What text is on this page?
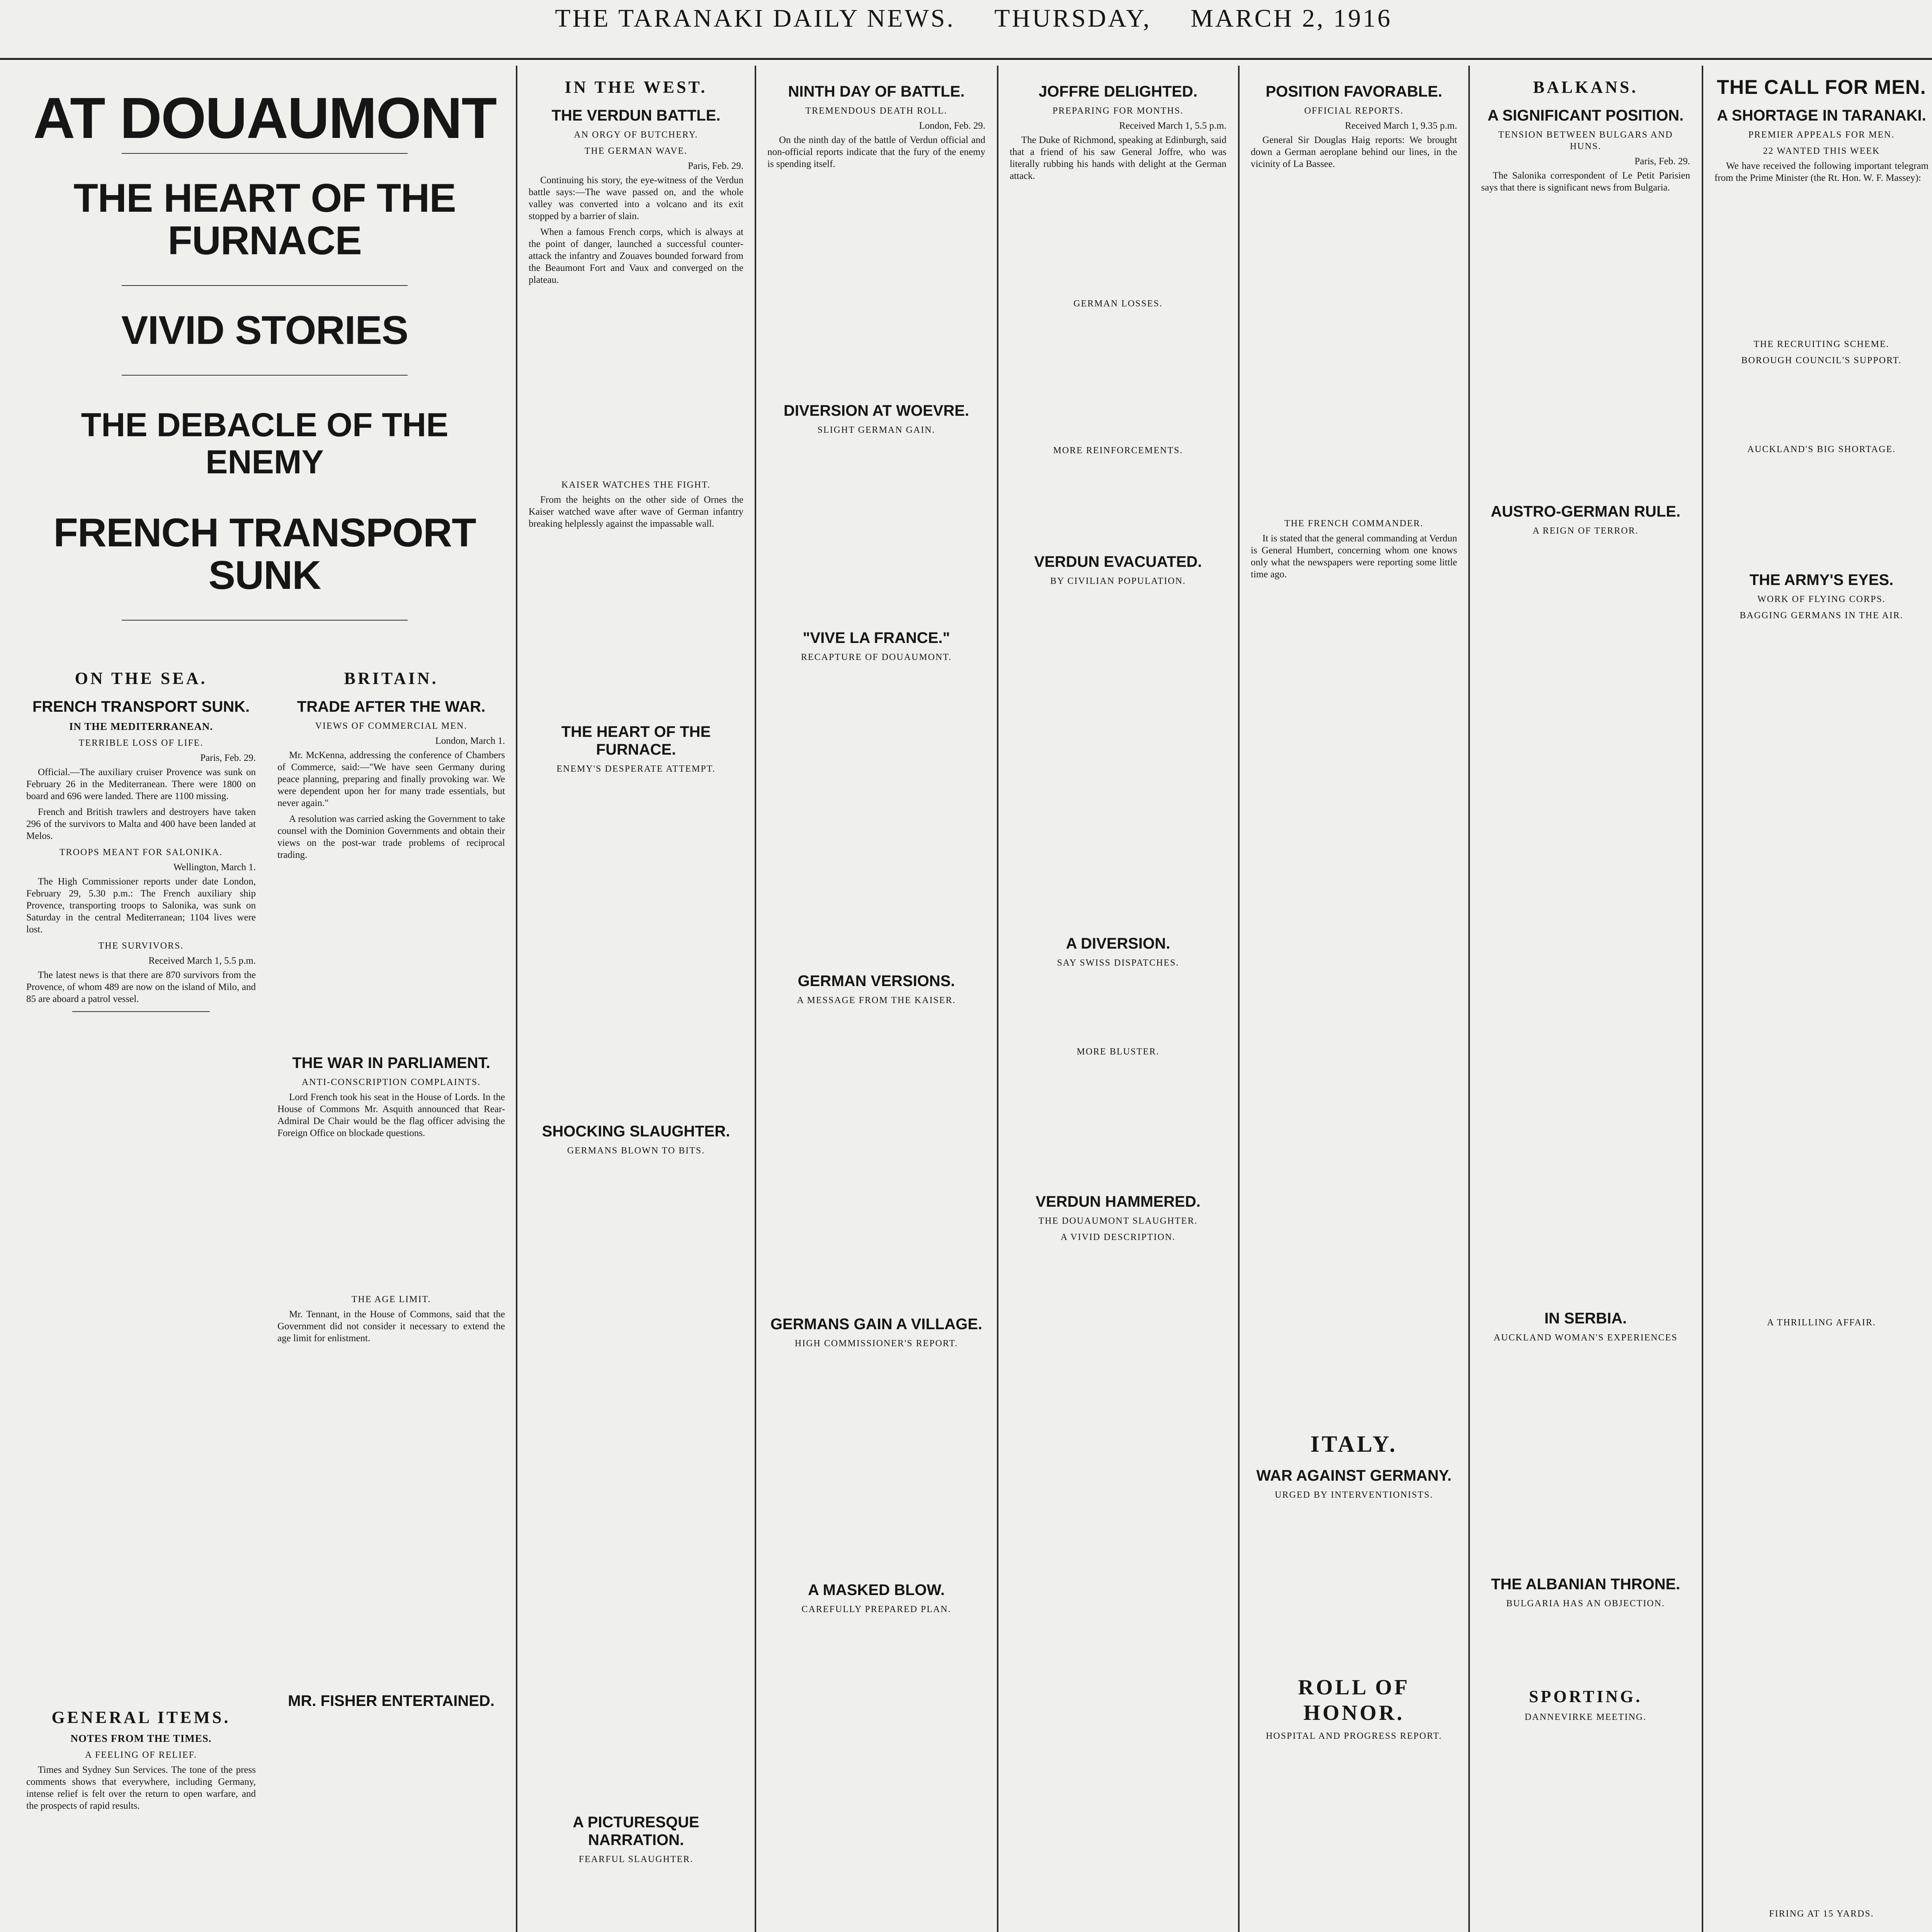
THE TARANAKI DAILY NEWS. THURSDAY, MARCH 2, 1916
AT DOUAUMONT
THE HEART OF THE FURNACE
VIVID STORIES
THE DEBACLE OF THE ENEMY
FRENCH TRANSPORT SUNK
ON THE SEA.
FRENCH TRANSPORT SUNK.
IN THE MEDITERRANEAN.
TERRIBLE LOSS OF LIFE.

Paris, Feb. 29.

Official.—The auxiliary cruiser Provence was sunk on February 26 in the Mediterranean. There were 1800 on board and 696 were landed. There are 1100 missing.

French and British trawlers and destroyers have taken 296 of the survivors to Malta and 400 have been landed at Melos.

TROOPS MEANT FOR SALONIKA.

Wellington, March 1.

The High Commissioner reports under date London, February 29, 5.30 p.m.: The French auxiliary ship Provence, transporting troops to Salonika, was sunk on Saturday in the central Mediterranean; 1104 lives were lost.

THE SURVIVORS.

Received March 1, 5.5 p.m.

The latest news is that there are 870 survivors from the Provence, of whom 489 are now on the island of Milo, and 85 are aboard a patrol vessel.

GENERAL ITEMS.
NOTES FROM THE TIMES.
A FEELING OF RELIEF.

Times and Sydney Sun Services. The tone of the press comments shows that everywhere, including Germany, intense relief is felt over the return to open warfare, and the prospects of rapid results.

BRITAIN.
TRADE AFTER THE WAR.
VIEWS OF COMMERCIAL MEN.

London, March 1.

Mr. McKenna, addressing the conference of Chambers of Commerce, said:—"We have seen Germany during peace planning, preparing and finally provoking war. We were dependent upon her for many trade essentials, but never again."

A resolution was carried asking the Government to take counsel with the Dominion Governments and obtain their views on the post-war trade problems of reciprocal trading.

THE WAR IN PARLIAMENT.
ANTI-CONSCRIPTION COMPLAINTS.

Lord French took his seat in the House of Lords. In the House of Commons Mr. Asquith announced that Rear-Admiral De Chair would be the flag officer advising the Foreign Office on blockade questions.

THE AGE LIMIT.

Mr. Tennant, in the House of Commons, said that the Government did not consider it necessary to extend the age limit for enlistment.

MR. FISHER ENTERTAINED.
IN THE WEST.
THE VERDUN BATTLE.
AN ORGY OF BUTCHERY.
THE GERMAN WAVE.

Paris, Feb. 29.

Continuing his story, the eye-witness of the Verdun battle says:—The wave passed on, and the whole valley was converted into a volcano and its exit stopped by a barrier of slain.

When a famous French corps, which is always at the point of danger, launched a successful counter-attack the infantry and Zouaves bounded forward from the Beaumont Fort and Vaux and converged on the plateau.

KAISER WATCHES THE FIGHT.

From the heights on the other side of Ornes the Kaiser watched wave after wave of German infantry breaking helplessly against the impassable wall.

THE HEART OF THE FURNACE.
ENEMY'S DESPERATE ATTEMPT.
SHOCKING SLAUGHTER.
GERMANS BLOWN TO BITS.
A PICTURESQUE NARRATION.
FEARFUL SLAUGHTER.
NINTH DAY OF BATTLE.
TREMENDOUS DEATH ROLL.

London, Feb. 29.

On the ninth day of the battle of Verdun official and non-official reports indicate that the fury of the enemy is spending itself.

DIVERSION AT WOEVRE.
SLIGHT GERMAN GAIN.
"VIVE LA FRANCE."
RECAPTURE OF DOUAUMONT.
GERMAN VERSIONS.
A MESSAGE FROM THE KAISER.
GERMANS GAIN A VILLAGE.
HIGH COMMISSIONER'S REPORT.
A MASKED BLOW.
CAREFULLY PREPARED PLAN.
JOFFRE DELIGHTED.
PREPARING FOR MONTHS.

Received March 1, 5.5 p.m.

The Duke of Richmond, speaking at Edinburgh, said that a friend of his saw General Joffre, who was literally rubbing his hands with delight at the German attack.

GERMAN LOSSES.
MORE REINFORCEMENTS.
VERDUN EVACUATED.
BY CIVILIAN POPULATION.
A DIVERSION.
SAY SWISS DISPATCHES.
MORE BLUSTER.
VERDUN HAMMERED.
THE DOUAUMONT SLAUGHTER.
A VIVID DESCRIPTION.
POSITION FAVORABLE.
OFFICIAL REPORTS.

Received March 1, 9.35 p.m.

General Sir Douglas Haig reports: We brought down a German aeroplane behind our lines, in the vicinity of La Bassee.

THE FRENCH COMMANDER.

It is stated that the general commanding at Verdun is General Humbert, concerning whom one knows only what the newspapers were reporting some little time ago.

ITALY.
WAR AGAINST GERMANY.
URGED BY INTERVENTIONISTS.
ROLL OF HONOR.
HOSPITAL AND PROGRESS REPORT.
BALKANS.
A SIGNIFICANT POSITION.
TENSION BETWEEN BULGARS AND HUNS.

Paris, Feb. 29.

The Salonika correspondent of Le Petit Parisien says that there is significant news from Bulgaria.

AUSTRO-GERMAN RULE.
A REIGN OF TERROR.
IN SERBIA.
AUCKLAND WOMAN'S EXPERIENCES
THE ALBANIAN THRONE.
BULGARIA HAS AN OBJECTION.
SPORTING.
DANNEVIRKE MEETING.
THE CALL FOR MEN.
A SHORTAGE IN TARANAKI.
PREMIER APPEALS FOR MEN.
22 WANTED THIS WEEK

We have received the following important telegram from the Prime Minister (the Rt. Hon. W. F. Massey):

THE RECRUITING SCHEME.
BOROUGH COUNCIL'S SUPPORT.
AUCKLAND'S BIG SHORTAGE.
THE ARMY'S EYES.
WORK OF FLYING CORPS.
BAGGING GERMANS IN THE AIR.
A THRILLING AFFAIR.
FIRING AT 15 YARDS.
